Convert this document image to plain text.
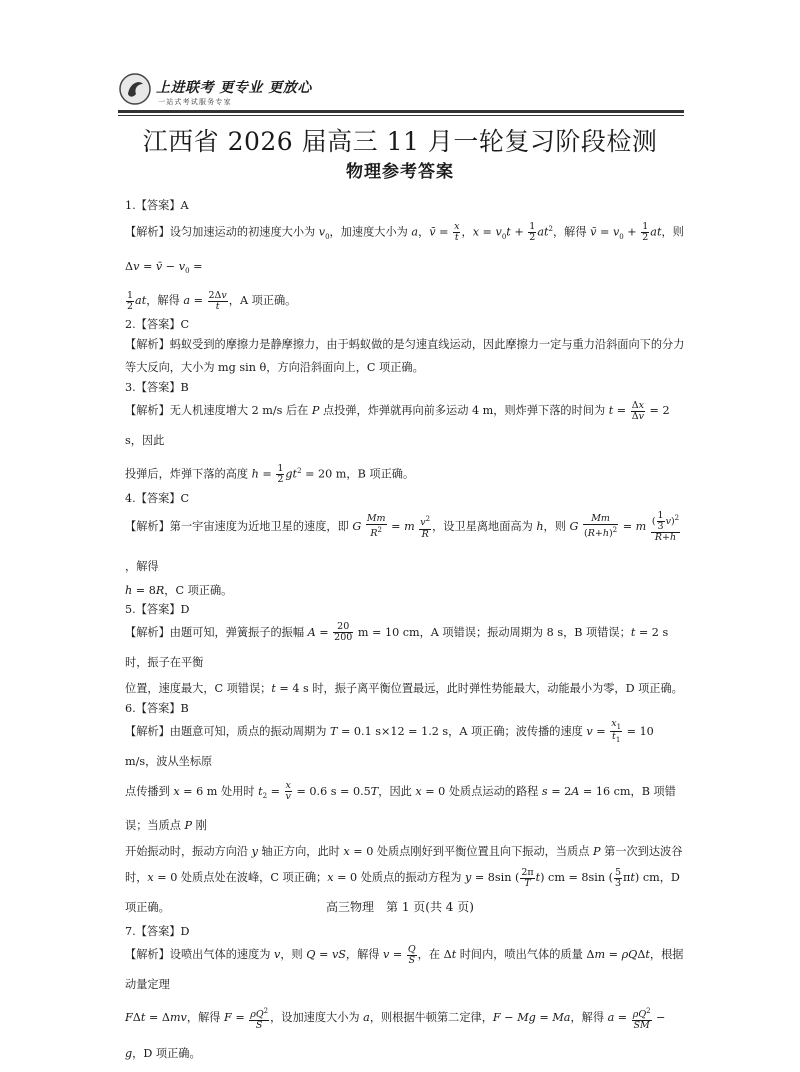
上进联考 更专业 更放心
一站式考试服务专家
江西省 2026 届高三 11 月一轮复习阶段检测
物理参考答案
1.【答案】A

【解析】设匀加速运动的初速度大小为 $v_0$，加速度大小为 a，v̄ = $\frac{x}{t}$ ，$x = v_0t + \frac{1}{2} at^2$，解得 v̄ = $v_0 + \frac{1}{2}$ at，则 Δv = v̄ − $v_0$ =

$\frac{1}{2}$ at，解得 $a = \frac{2\Delta v}{t}$ ，A 项正确。

2.【答案】C
【解析】蚂蚁受到的摩擦力是静摩擦力，由于蚂蚁做的是匀速直线运动，因此摩擦力一定与重力沿斜面向下的分力等大反向，大小为 mg sin θ，方向沿斜面向上，C 项正确。
3.【答案】B

【解析】无人机速度增大 2 m/s 后在 P 点投弹，炸弹就再向前多运动 4 m，则炸弹下落的时间为 $t = \frac{\Delta x}{\Delta v} = 2$ s，因此

投弹后，炸弹下落的高度 $h = \frac{1}{2} gt^2 = 20$ m，B 项正确。

4.【答案】C

【解析】第一宇宙速度为近地卫星的速度，即 G $\frac{Mm}{R^2} = m \frac{v^2}{R}$ ，设卫星离地面高为 h，则 G $\frac{Mm}{(R+h)^2} = m \frac{( \frac{1}{3} v)^2}{R+h}$
，解得

h = 8R，C 项正确。
5.【答案】D

【解析】由题可知，弹簧振子的振幅 $A = \frac{20}{200}$ m = 10 cm，A 项错误；振动周期为 8 s，B 项错误；t = 2 s 时，振子在平衡

位置，速度最大，C 项错误；t = 4 s 时，振子离平衡位置最远，此时弹性势能最大，动能最小为零，D 项正确。

6.【答案】B

【解析】由题意可知，质点的振动周期为 T = 0.1 s×12 = 1.2 s，A 项正确；波传播的速度 $v = \frac{x_1}{t_1} = 10$ m/s，波从坐标原

点传播到 x = 6 m 处用时 $t_2 = \frac{x}{v} = 0.6$ s = 0.5T，因此 x = 0 处质点运动的路程 s = 2A = 16 cm，B 项错误；当质点 P 刚

开始振动时，振动方向沿 y 轴正方向，此时 x = 0 处质点刚好到平衡位置且向下振动，当质点 P 第一次到达波谷

时，x = 0 处质点处在波峰，C 项正确；x = 0 处质点的振动方程为 y = 8sin ( $\frac{2\pi}{T} t$) cm = 8sin ( $\frac{5}{3} \pi t$) cm，D 项正确。

7.【答案】D

【解析】设喷出气体的速度为 v，则 Q = vS，解得 $v = \frac{Q}{S}$ ，在 Δt 时间内，喷出气体的质量 Δm = ρQΔt，根据动量定理

FΔt = Δmv，解得 $F = \frac{\rho Q^2}{S}$ ，设加速度大小为 a，则根据牛顿第二定律，F − Mg = Ma，解得 $a = \frac{\rho Q^2}{SM} - g$，D 项正确。

高三物理　第 1 页(共 4 页)
